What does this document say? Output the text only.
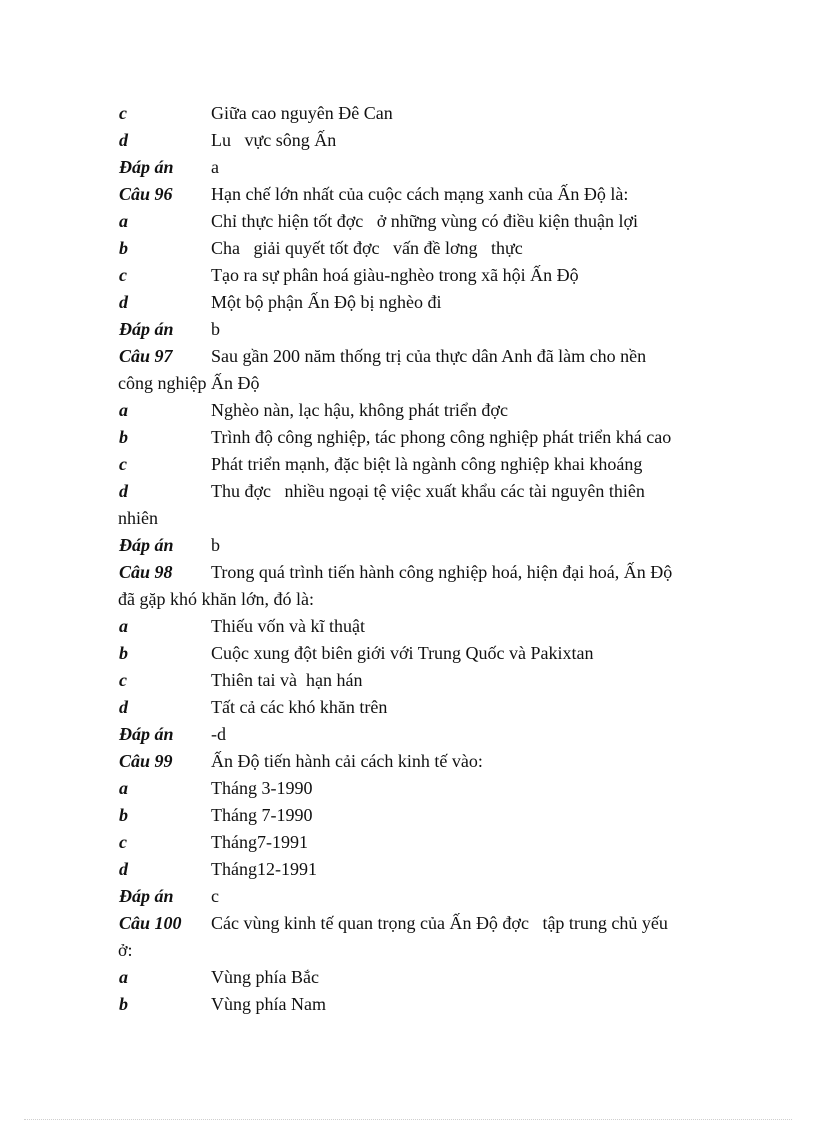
c	Giữa cao nguyên Đê Can
d	Lu   vực sông Ấn
Đáp án a
Câu 96 Hạn chế lớn nhất của cuộc cách mạng xanh của Ấn Độ là:
a	Chỉ thực hiện tốt đợc   ở những vùng có điều kiện thuận lợi
b	Cha   giải quyết tốt đợc   vấn đề lơng   thực
c	Tạo ra sự phân hoá giàu-nghèo trong xã hội Ấn Độ
d	Một bộ phận Ấn Độ bị nghèo đi
Đáp án b
Câu 97 Sau gần 200 năm thống trị của thực dân Anh đã làm cho nền
công nghiệp Ấn Độ
a	Nghèo nàn, lạc hậu, không phát triển đợc
b	Trình độ công nghiệp, tác phong công nghiệp phát triển khá cao
c	Phát triển mạnh, đặc biệt là ngành công nghiệp khai khoáng
d	Thu đợc   nhiều ngoại tệ việc xuất khẩu các tài nguyên thiên
nhiên
Đáp án b
Câu 98 Trong quá trình tiến hành công nghiệp hoá, hiện đại hoá, Ấn Độ
đã gặp khó khăn lớn, đó là:
a	Thiếu vốn và kĩ thuật
b	Cuộc xung đột biên giới với Trung Quốc và Pakixtan
c	Thiên tai và  hạn hán
d	Tất cả các khó khăn trên
Đáp án -d
Câu 99 Ấn Độ tiến hành cải cách kinh tế vào:
a	Tháng 3-1990
b	Tháng 7-1990
c	Tháng7-1991
d	Tháng12-1991
Đáp án c
Câu 100 Các vùng kinh tế quan trọng của Ấn Độ đợc   tập trung chủ yếu
ở:
a	Vùng phía Bắc
b	Vùng phía Nam
